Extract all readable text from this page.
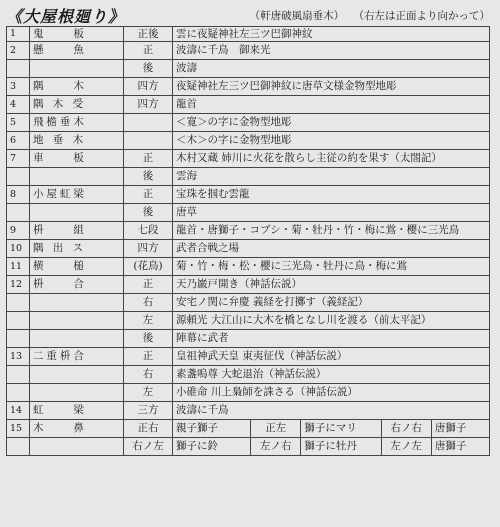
《大屋根廻り》	（軒唐破風扇垂木） （右左は正面より向かって）
1	鬼　　板	正後	雲に夜疑神社左三ツ巴御神紋				
2	懸　　魚	正	波濤に千鳥　御来光				
		後	波濤				
3	隅　　木	四方	夜疑神社左三ツ巴御神紋に唐草文様金物型地彫				
4	隅 木 受	四方	龍首				
5	飛檐垂木		＜寛＞の字に金物型地彫				
6	地 垂 木		＜木＞の字に金物型地彫				
7	車　　板	正	木村又蔵 姉川に火花を散らし主従の約を果す（太閤記）				
		後	雲海				
8	小屋虹梁	正	宝珠を掴む雲龍				
		後	唐草				
9	枡　　組	七段	龍首・唐獅子・コブシ・菊・牡丹・竹・梅に鴬・櫻に三光鳥				
10	隅 出 ス	四方	武者合戦之場				
11	横　　槌	(花鳥)	菊・竹・梅・松・櫻に三光鳥・牡丹に鳥・梅に鴬				
12	枡　　合	正	天乃巌戸開き（神話伝説）				
		右	安宅ノ関に弁慶 義経を打擲す（義経記）				
		左	源頼光 大江山に大木を橋となし川を渡る（前太平記）				
		後	陣幕に武者				
13	二重枡合	正	皇祖神武天皇 東夷征伐（神話伝説）				
		右	素盞嗚尊 大蛇退治（神話伝説）				
		左	小碓命 川上梟師を誅さる（神話伝説）				
14	虹　　梁	三方	波濤に千鳥				
15	木　　鼻	正右	親子獅子	正左	獅子にマリ	右ノ右	唐獅子
		右ノ左	獅子に鈴	左ノ右	獅子に牡丹	左ノ左	唐獅子
